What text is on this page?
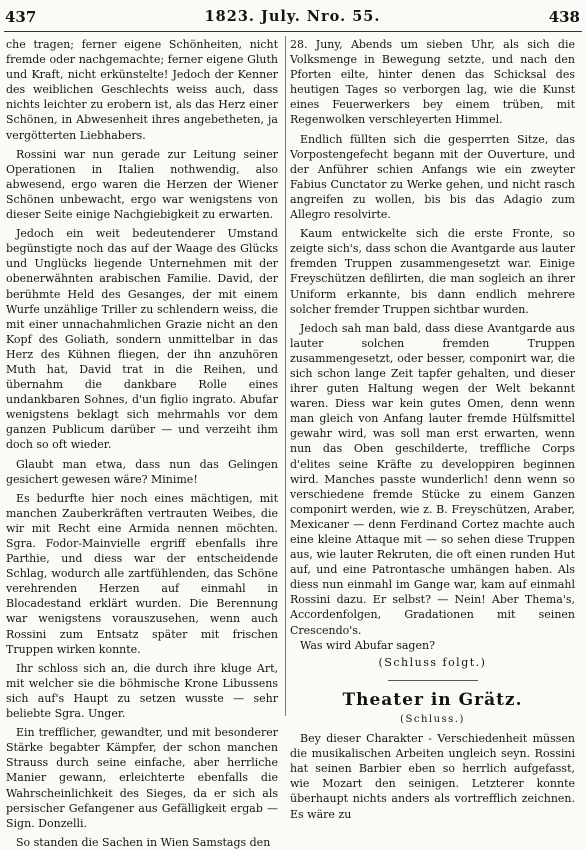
437	1823. July. Nro. 55.	438

che tragen; ferner eigene Schönheiten, nicht fremde oder nachgemachte; ferner eigene Gluth und Kraft, nicht erkünstelte! Jedoch der Kenner des weiblichen Geschlechts weiss auch, dass nichts leichter zu erobern ist, als das Herz einer Schönen, in Abwesenheit ihres angebetheten, ja vergötterten Liebhabers.

Rossini war nun gerade zur Leitung seiner Operationen in Italien nothwendig, also abwesend, ergo waren die Herzen der Wiener Schönen unbewacht, ergo war wenigstens von dieser Seite einige Nachgiebigkeit zu erwarten.

Jedoch ein weit bedeutenderer Umstand begünstigte noch das auf der Waage des Glücks und Unglücks liegende Unternehmen mit der obenerwähnten arabischen Familie. David, der berühmte Held des Gesanges, der mit einem Wurfe unzählige Triller zu schlendern weiss, die mit einer unnachahmlichen Grazie nicht an den Kopf des Goliath, sondern unmittelbar in das Herz des Kühnen fliegen, der ihn anzuhören Muth hat, David trat in die Reihen, und übernahm die dankbare Rolle eines undankbaren Sohnes, d'un figlio ingrato. Abufar wenigstens beklagt sich mehrmahls vor dem ganzen Publicum darüber — und verzeiht ihm doch so oft wieder.

Glaubt man etwa, dass nun das Gelingen gesichert gewesen wäre? Minime!

Es bedurfte hier noch eines mächtigen, mit manchen Zauberkräften vertrauten Weibes, die wir mit Recht eine Armida nennen möchten. Sgra. Fodor-Mainvielle ergriff ebenfalls ihre Parthie, und diess war der entscheidende Schlag, wodurch alle zartfühlenden, das Schöne verehrenden Herzen auf einmahl in Blocadestand erklärt wurden. Die Berennung war wenigstens vorauszusehen, wenn auch Rossini zum Entsatz später mit frischen Truppen wirken konnte.

Ihr schloss sich an, die durch ihre kluge Art, mit welcher sie die böhmische Krone Libussens sich auf's Haupt zu setzen wusste — sehr beliebte Sgra. Unger.

Ein trefflicher, gewandter, und mit besonderer Stärke begabter Kämpfer, der schon manchen Strauss durch seine einfache, aber herrliche Manier gewann, erleichterte ebenfalls die Wahrscheinlichkeit des Sieges, da er sich als persischer Gefangener aus Gefälligkeit ergab — Sign. Donzelli.

So standen die Sachen in Wien Samstags den

28. Juny, Abends um sieben Uhr, als sich die Volksmenge in Bewegung setzte, und nach den Pforten eilte, hinter denen das Schicksal des heutigen Tages so verborgen lag, wie die Kunst eines Feuerwerkers bey einem trüben, mit Regenwolken verschleyerten Himmel.

Endlich füllten sich die gesperrten Sitze, das Vorpostengefecht begann mit der Ouverture, und der Anführer schien Anfangs wie ein zweyter Fabius Cunctator zu Werke gehen, und nicht rasch angreifen zu wollen, bis bis das Adagio zum Allegro resolvirte.

Kaum entwickelte sich die erste Fronte, so zeigte sich's, dass schon die Avantgarde aus lauter fremden Truppen zusammengesetzt war. Einige Freyschützen defilirten, die man sogleich an ihrer Uniform erkannte, bis dann endlich mehrere solcher fremder Truppen sichtbar wurden.

Jedoch sah man bald, dass diese Avantgarde aus lauter solchen fremden Truppen zusammengesetzt, oder besser, componirt war, die sich schon lange Zeit tapfer gehalten, und dieser ihrer guten Haltung wegen der Welt bekannt waren. Diess war kein gutes Omen, denn wenn man gleich von Anfang lauter fremde Hülfsmittel gewahr wird, was soll man erst erwarten, wenn nun das Oben geschilderte, treffliche Corps d'elites seine Kräfte zu developpiren beginnen wird. Manches passte wunderlich! denn wenn so verschiedene fremde Stücke zu einem Ganzen componirt werden, wie z. B. Freyschützen, Araber, Mexicaner — denn Ferdinand Cortez machte auch eine kleine Attaque mit — so sehen diese Truppen aus, wie lauter Rekruten, die oft einen runden Hut auf, und eine Patrontasche umhängen haben. Als diess nun einmahl im Gange war, kam auf einmahl Rossini dazu. Er selbst? — Nein! Aber Thema's, Accordenfolgen, Gradationen mit seinen Crescendo's.

Was wird Abufar sagen?

(Schluss folgt.)
Theater in Grätz.
(Schluss.)

Bey dieser Charakter - Verschiedenheit müssen die musikalischen Arbeiten ungleich seyn. Rossini hat seinen Barbier eben so herrlich aufgefasst, wie Mozart den seinigen. Letzterer konnte überhaupt nichts anders als vortrefflich zeichnen. Es wäre zu
